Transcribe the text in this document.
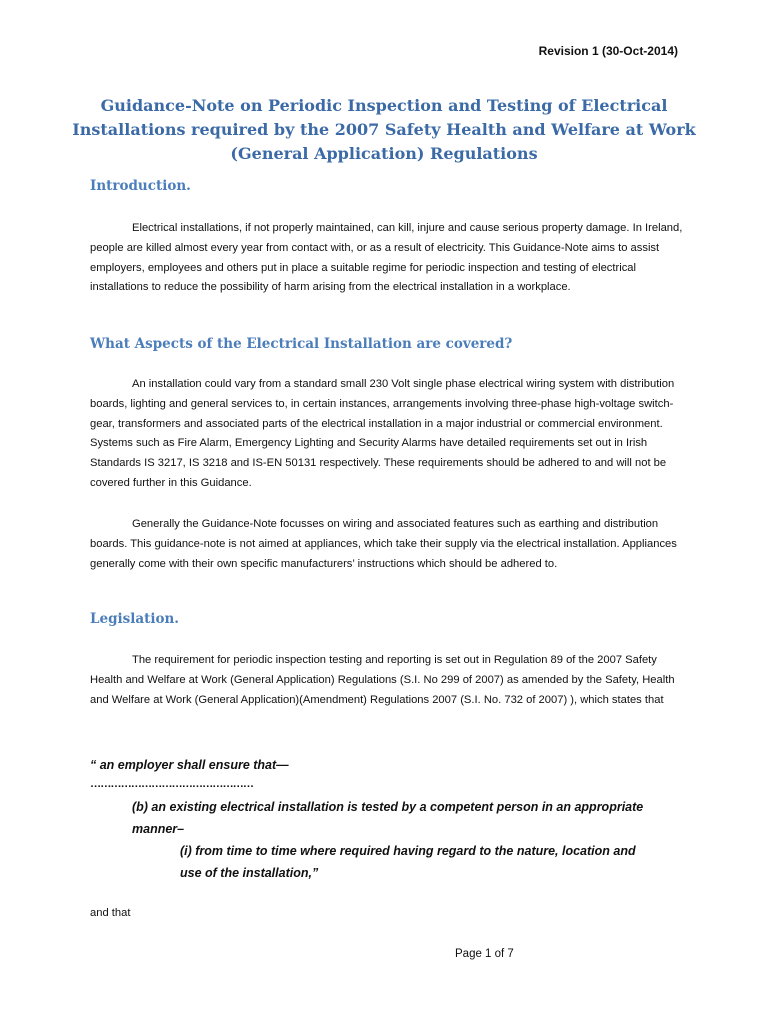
Revision 1 (30-Oct-2014)
Guidance-Note on Periodic Inspection and Testing of Electrical Installations required by the 2007 Safety Health and Welfare at Work (General Application) Regulations
Introduction.

Electrical installations, if not properly maintained, can kill, injure and cause serious property damage. In Ireland, people are killed almost every year from contact with, or as a result of electricity. This Guidance-Note aims to assist employers, employees and others put in place a suitable regime for periodic inspection and testing of electrical installations to reduce the possibility of harm arising from the electrical installation in a workplace.

What Aspects of the Electrical Installation are covered?

An installation could vary from a standard small 230 Volt single phase electrical wiring system with distribution boards, lighting and general services to, in certain instances, arrangements involving three-phase high-voltage switch-gear, transformers and associated parts of the electrical installation in a major industrial or commercial environment. Systems such as Fire Alarm, Emergency Lighting and Security Alarms have detailed requirements set out in Irish Standards IS 3217, IS 3218 and IS-EN 50131 respectively. These requirements should be adhered to and will not be covered further in this Guidance.

Generally the Guidance-Note focusses on wiring and associated features such as earthing and distribution boards. This guidance-note is not aimed at appliances, which take their supply via the electrical installation. Appliances generally come with their own specific manufacturers’ instructions which should be adhered to.

Legislation.

The requirement for periodic inspection testing and reporting is set out in Regulation 89 of the 2007 Safety Health and Welfare at Work (General Application) Regulations (S.I. No 299 of 2007) as amended by the Safety, Health and Welfare at Work (General Application)(Amendment) Regulations 2007 (S.I. No. 732 of 2007) ), which states that

“ an employer shall ensure that—

…………………………………………

(b) an existing electrical installation is tested by a competent person in an appropriate

manner–

(i) from time to time where required having regard to the nature, location and

use of the installation,”

and that

Page 1 of 7
